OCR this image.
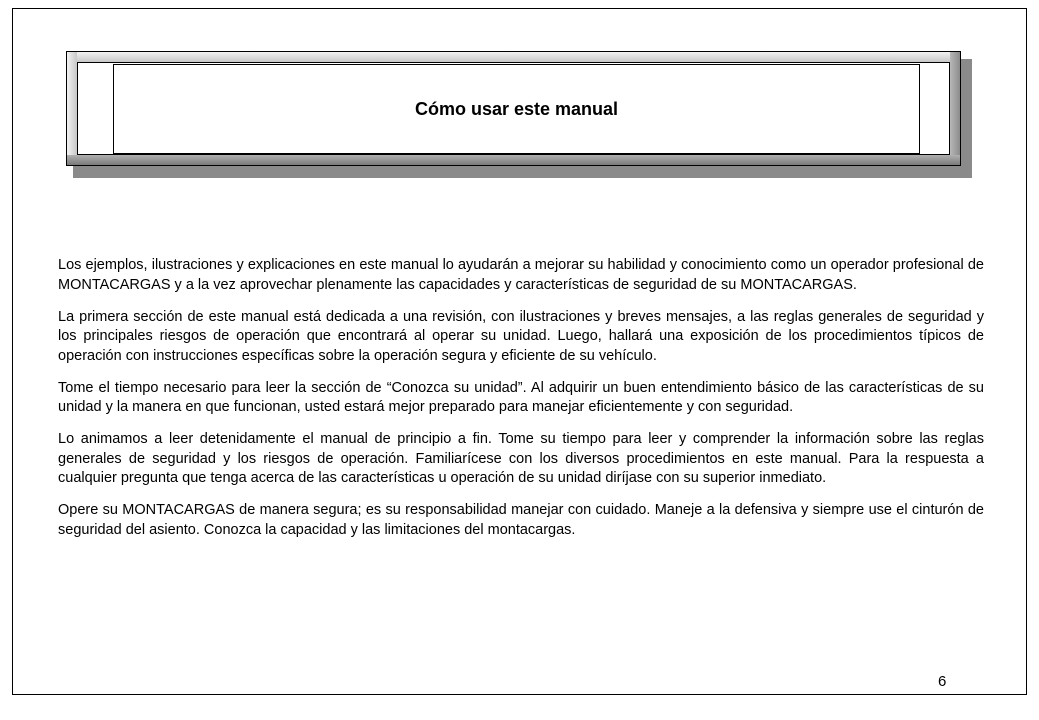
Cómo usar este manual

Los ejemplos, ilustraciones y explicaciones en este manual lo ayudarán a mejorar su habilidad y conocimiento como un operador profesional de MONTACARGAS y a la vez aprovechar plenamente las capacidades y características de seguridad de su MONTACARGAS.

La primera sección de este manual está dedicada a una revisión, con ilustraciones y breves mensajes, a las reglas generales de seguridad y los principales riesgos de operación que encontrará al operar su unidad. Luego, hallará una exposición de los procedimientos típicos de operación con instrucciones específicas sobre la operación segura y eficiente de su vehículo.

Tome el tiempo necesario para leer la sección de “Conozca su unidad”. Al adquirir un buen entendimiento básico de las características de su unidad y la manera en que funcionan, usted estará mejor preparado para manejar eficientemente y con seguridad.

Lo animamos a leer detenidamente el manual de principio a fin. Tome su tiempo para leer y comprender la información sobre las reglas generales de seguridad y los riesgos de operación. Familiarícese con los diversos procedimientos en este manual. Para la respuesta a cualquier pregunta que tenga acerca de las características u operación de su unidad diríjase con su superior inmediato.

Opere su MONTACARGAS de manera segura; es su responsabilidad manejar con cuidado. Maneje a la defensiva y siempre use el cinturón de seguridad del asiento. Conozca la capacidad y las limitaciones del montacargas.

6
